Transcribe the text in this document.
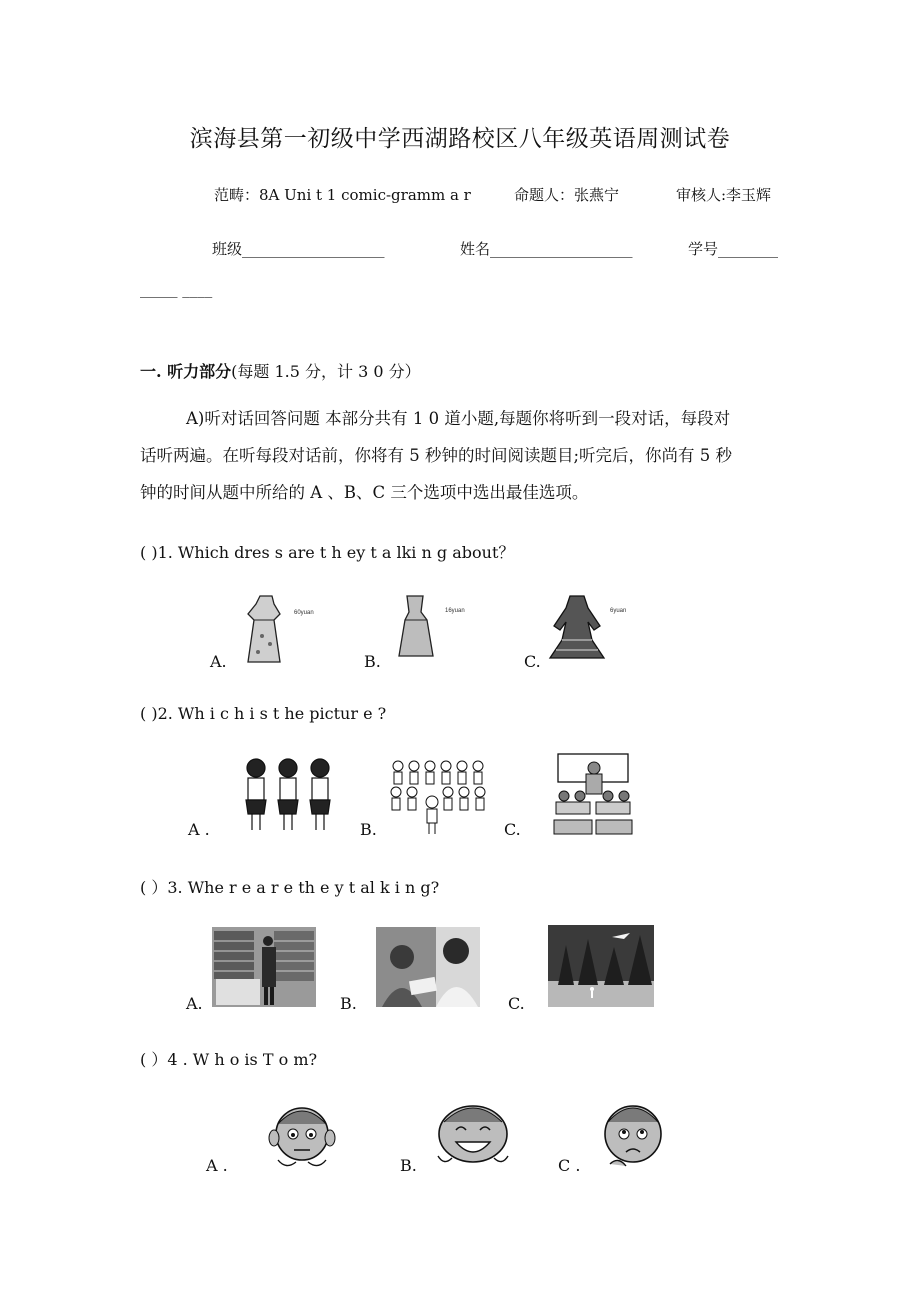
滨海县第一初级中学西湖路校区八年级英语周测试卷
范畴：8A Uni t 1 comic-gramm a r	命题人：张燕宁	审核人:李玉辉
班级___________________	姓名___________________	学号________
_____ ____
一. 听力部分(每题 1.5 分，计 3 0 分）
A)听对话回答问题 本部分共有 1 0 道小题,每题你将听到一段对话，每段对
话听两遍。在听每段对话前，你将有 5 秒钟的时间阅读题目;听完后，你尚有 5 秒
钟的时间从题中所给的 A 、B、C 三个选项中选出最佳选项。
( )1. Which dres s are t h ey t a lki n g about？
60yuan	16yuan	6yuan
A.	B.	C.
( )2. Wh i c h i s t he pictur e ?
A .	B.	C.
( ）3. Whe r e a r e th e y t al k i n g?
A.	B.	C.
( ）4 . W h o is T o m?
A .	B.	C .
